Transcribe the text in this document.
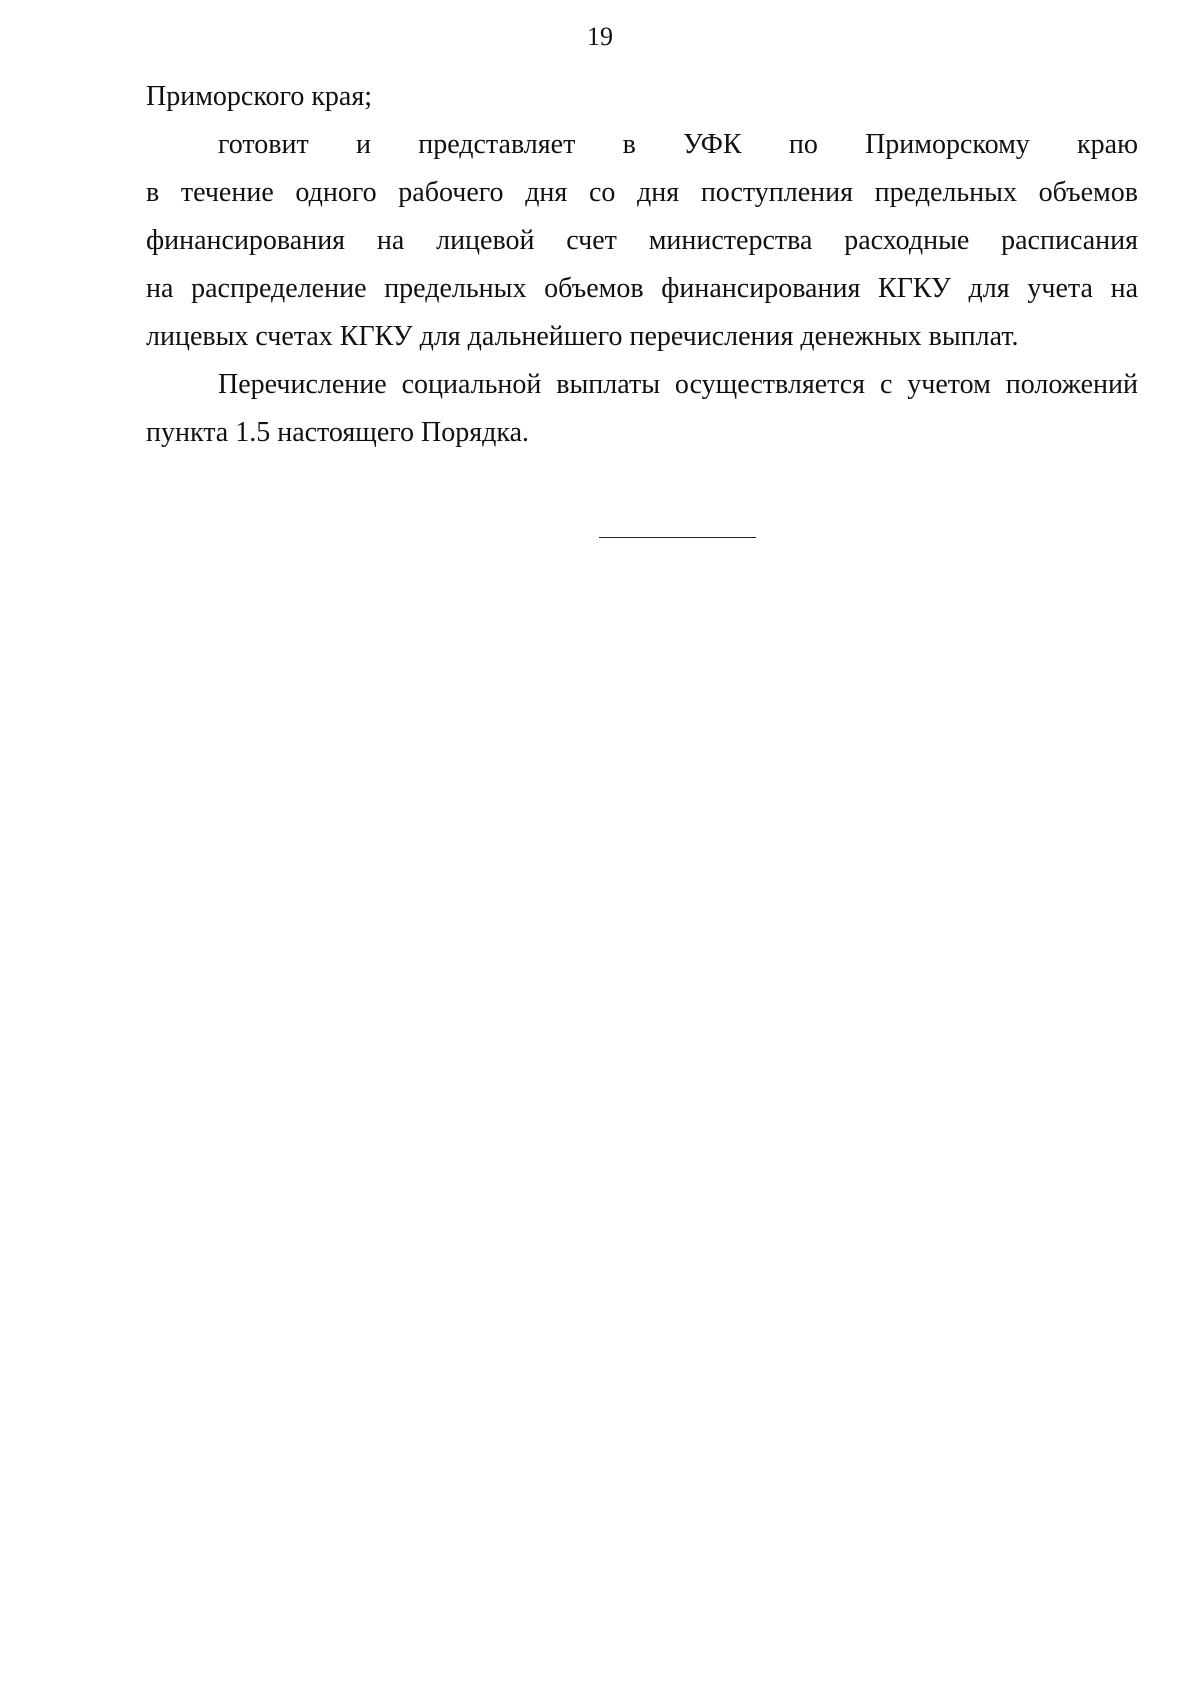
19
Приморского края;
готовит и представляет в УФК по Приморскому краю
в течение одного рабочего дня со дня поступления предельных объемов
финансирования на лицевой счет министерства расходные расписания
на распределение предельных объемов финансирования КГКУ для учета на
лицевых счетах КГКУ для дальнейшего перечисления денежных выплат.
Перечисление социальной выплаты осуществляется с учетом положений
пункта 1.5 настоящего Порядка.
